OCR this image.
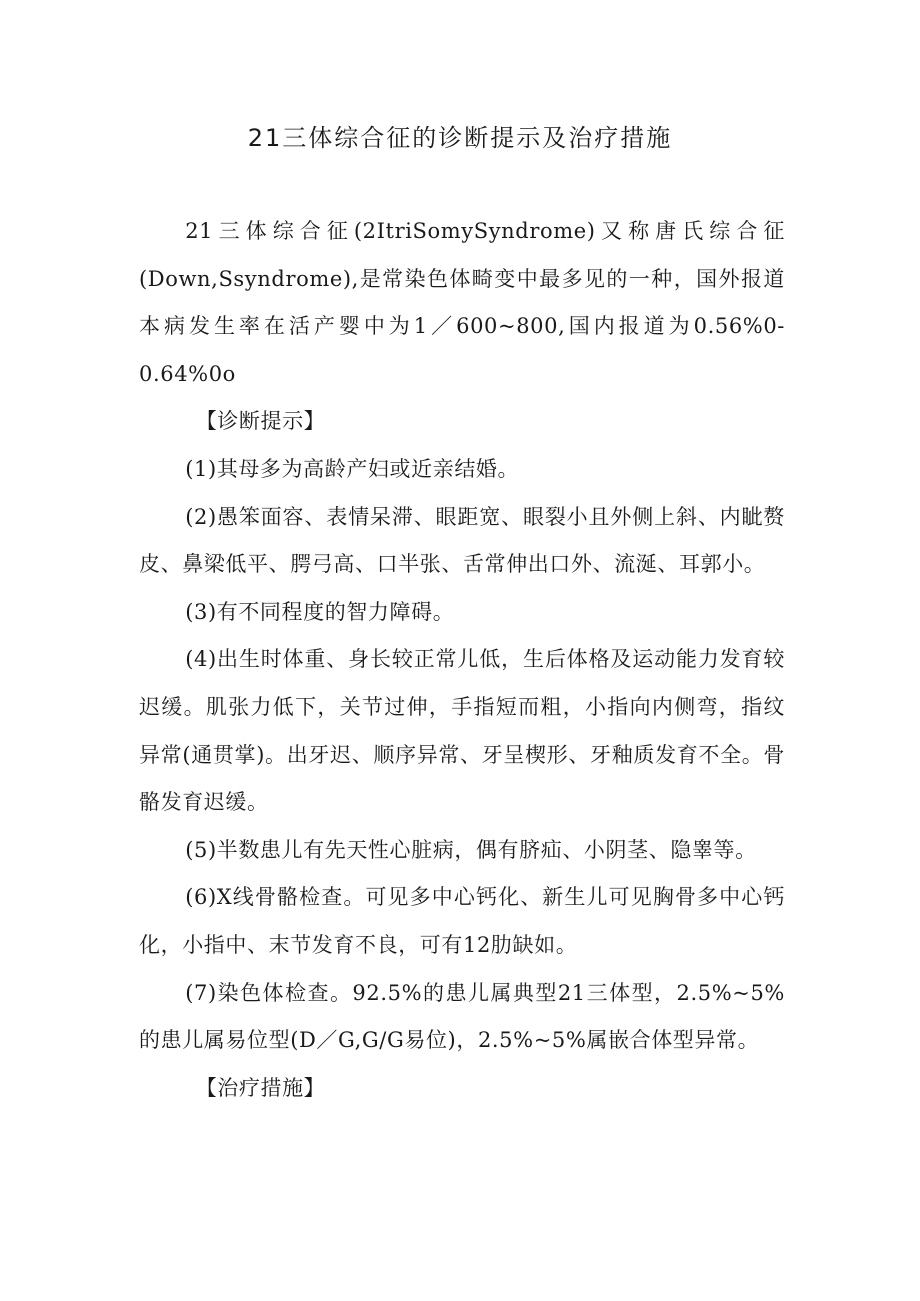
21三体综合征的诊断提示及治疗措施

21三体综合征(2ItriSomySyndrome)又称唐氏综合征(Down,Ssyndrome),是常染色体畸变中最多见的一种，国外报道本病发生率在活产婴中为1／600~800,国内报道为0.56%0-0.64%0o

【诊断提示】

(1)其母多为高龄产妇或近亲结婚。

(2)愚笨面容、表情呆滞、眼距宽、眼裂小且外侧上斜、内眦赘皮、鼻梁低平、腭弓高、口半张、舌常伸出口外、流涎、耳郭小。

(3)有不同程度的智力障碍。

(4)出生时体重、身长较正常儿低，生后体格及运动能力发育较迟缓。肌张力低下，关节过伸，手指短而粗，小指向内侧弯，指纹异常(通贯掌)。出牙迟、顺序异常、牙呈楔形、牙釉质发育不全。骨骼发育迟缓。

(5)半数患儿有先天性心脏病，偶有脐疝、小阴茎、隐睾等。

(6)X线骨骼检查。可见多中心钙化、新生儿可见胸骨多中心钙化，小指中、末节发育不良，可有12肋缺如。

(7)染色体检查。92.5%的患儿属典型21三体型，2.5%~5%的患儿属易位型(D／G,G/G易位)，2.5%~5%属嵌合体型异常。

【治疗措施】
